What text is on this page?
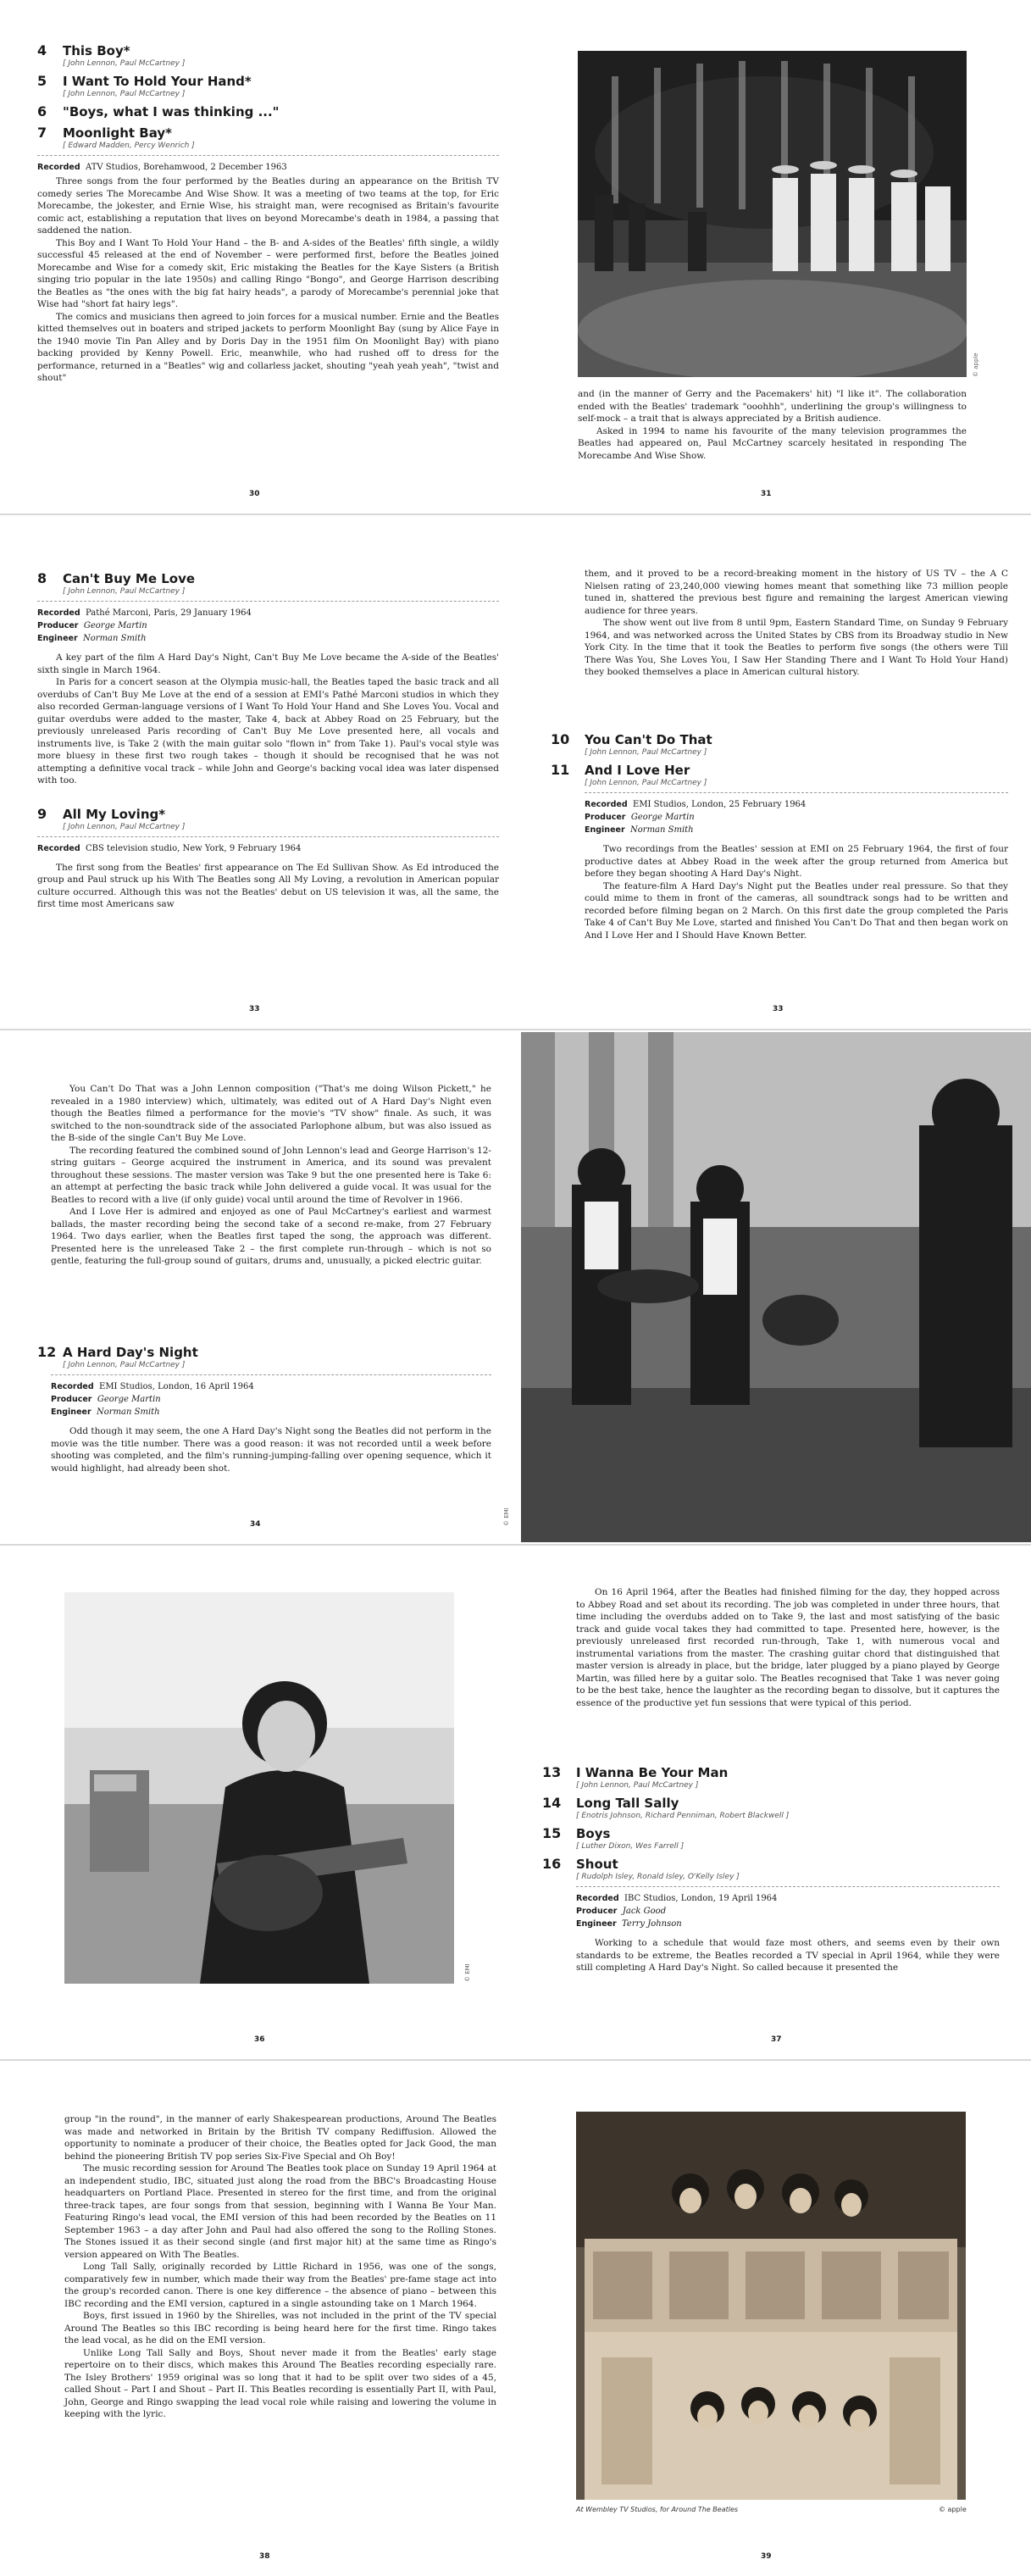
4	This Boy*
[ John Lennon, Paul McCartney ]
5	I Want To Hold Your Hand*
[ John Lennon, Paul McCartney ]
6	"Boys, what I was thinking ..."
7	Moonlight Bay*
[ Edward Madden, Percy Wenrich ]
Recorded ATV Studios, Borehamwood, 2 December 1963

Three songs from the four performed by the Beatles during an appearance on the British TV comedy series The Morecambe And Wise Show. It was a meeting of two teams at the top, for Eric Morecambe, the jokester, and Ernie Wise, his straight man, were recognised as Britain's favourite comic act, establishing a reputation that lives on beyond Morecambe's death in 1984, a passing that saddened the nation.

This Boy and I Want To Hold Your Hand – the B- and A-sides of the Beatles' fifth single, a wildly successful 45 released at the end of November – were performed first, before the Beatles joined Morecambe and Wise for a comedy skit, Eric mistaking the Beatles for the Kaye Sisters (a British singing trio popular in the late 1950s) and calling Ringo "Bongo", and George Harrison describing the Beatles as "the ones with the big fat hairy heads", a parody of Morecambe's perennial joke that Wise had "short fat hairy legs".

The comics and musicians then agreed to join forces for a musical number. Ernie and the Beatles kitted themselves out in boaters and striped jackets to perform Moonlight Bay (sung by Alice Faye in the 1940 movie Tin Pan Alley and by Doris Day in the 1951 film On Moonlight Bay) with piano backing provided by Kenny Powell. Eric, meanwhile, who had rushed off to dress for the performance, returned in a "Beatles" wig and collarless jacket, shouting "yeah yeah yeah", "twist and shout"

30
© apple

and (in the manner of Gerry and the Pacemakers' hit) "I like it". The collaboration ended with the Beatles' trademark "ooohhh", underlining the group's willingness to self-mock – a trait that is always appreciated by a British audience.

Asked in 1994 to name his favourite of the many television programmes the Beatles had appeared on, Paul McCartney scarcely hesitated in responding The Morecambe And Wise Show.

31
8	Can't Buy Me Love
[ John Lennon, Paul McCartney ]
Recorded Pathé Marconi, Paris, 29 January 1964
Producer George Martin
Engineer Norman Smith

A key part of the film A Hard Day's Night, Can't Buy Me Love became the A-side of the Beatles' sixth single in March 1964.

In Paris for a concert season at the Olympia music-hall, the Beatles taped the basic track and all overdubs of Can't Buy Me Love at the end of a session at EMI's Pathé Marconi studios in which they also recorded German-language versions of I Want To Hold Your Hand and She Loves You. Vocal and guitar overdubs were added to the master, Take 4, back at Abbey Road on 25 February, but the previously unreleased Paris recording of Can't Buy Me Love presented here, all vocals and instruments live, is Take 2 (with the main guitar solo "flown in" from Take 1). Paul's vocal style was more bluesy in these first two rough takes – though it should be recognised that he was not attempting a definitive vocal track – while John and George's backing vocal idea was later dispensed with too.

9	All My Loving*
[ John Lennon, Paul McCartney ]
Recorded CBS television studio, New York, 9 February 1964

The first song from the Beatles' first appearance on The Ed Sullivan Show. As Ed introduced the group and Paul struck up his With The Beatles song All My Loving, a revolution in American popular culture occurred. Although this was not the Beatles' debut on US television it was, all the same, the first time most Americans saw

33

them, and it proved to be a record-breaking moment in the history of US TV – the A C Nielsen rating of 23,240,000 viewing homes meant that something like 73 million people tuned in, shattered the previous best figure and remaining the largest American viewing audience for three years.

The show went out live from 8 until 9pm, Eastern Standard Time, on Sunday 9 February 1964, and was networked across the United States by CBS from its Broadway studio in New York City. In the time that it took the Beatles to perform five songs (the others were Till There Was You, She Loves You, I Saw Her Standing There and I Want To Hold Your Hand) they booked themselves a place in American cultural history.

10	You Can't Do That
[ John Lennon, Paul McCartney ]
11	And I Love Her
[ John Lennon, Paul McCartney ]
Recorded EMI Studios, London, 25 February 1964
Producer George Martin
Engineer Norman Smith

Two recordings from the Beatles' session at EMI on 25 February 1964, the first of four productive dates at Abbey Road in the week after the group returned from America but before they began shooting A Hard Day's Night.

The feature-film A Hard Day's Night put the Beatles under real pressure. So that they could mime to them in front of the cameras, all soundtrack songs had to be written and recorded before filming began on 2 March. On this first date the group completed the Paris Take 4 of Can't Buy Me Love, started and finished You Can't Do That and then began work on And I Love Her and I Should Have Known Better.

33

You Can't Do That was a John Lennon composition ("That's me doing Wilson Pickett," he revealed in a 1980 interview) which, ultimately, was edited out of A Hard Day's Night even though the Beatles filmed a performance for the movie's "TV show" finale. As such, it was switched to the non-soundtrack side of the associated Parlophone album, but was also issued as the B-side of the single Can't Buy Me Love.

The recording featured the combined sound of John Lennon's lead and George Harrison's 12-string guitars – George acquired the instrument in America, and its sound was prevalent throughout these sessions. The master version was Take 9 but the one presented here is Take 6: an attempt at perfecting the basic track while John delivered a guide vocal. It was usual for the Beatles to record with a live (if only guide) vocal until around the time of Revolver in 1966.

And I Love Her is admired and enjoyed as one of Paul McCartney's earliest and warmest ballads, the master recording being the second take of a second re-make, from 27 February 1964. Two days earlier, when the Beatles first taped the song, the approach was different. Presented here is the unreleased Take 2 – the first complete run-through – which is not so gentle, featuring the full-group sound of guitars, drums and, unusually, a picked electric guitar.

12 A Hard Day's Night
[ John Lennon, Paul McCartney ]
Recorded EMI Studios, London, 16 April 1964
Producer George Martin
Engineer Norman Smith

Odd though it may seem, the one A Hard Day's Night song the Beatles did not perform in the movie was the title number. There was a good reason: it was not recorded until a week before shooting was completed, and the film's running-jumping-falling over opening sequence, which it would highlight, had already been shot.

34	© EMI
© EMI
36

On 16 April 1964, after the Beatles had finished filming for the day, they hopped across to Abbey Road and set about its recording. The job was completed in under three hours, that time including the overdubs added on to Take 9, the last and most satisfying of the basic track and guide vocal takes they had committed to tape. Presented here, however, is the previously unreleased first recorded run-through, Take 1, with numerous vocal and instrumental variations from the master. The crashing guitar chord that distinguished that master version is already in place, but the bridge, later plugged by a piano played by George Martin, was filled here by a guitar solo. The Beatles recognised that Take 1 was never going to be the best take, hence the laughter as the recording began to dissolve, but it captures the essence of the productive yet fun sessions that were typical of this period.

13	I Wanna Be Your Man
[ John Lennon, Paul McCartney ]
14	Long Tall Sally
[ Enotris Johnson, Richard Penniman, Robert Blackwell ]
15	Boys
[ Luther Dixon, Wes Farrell ]
16	Shout
[ Rudolph Isley, Ronald Isley, O'Kelly Isley ]
Recorded IBC Studios, London, 19 April 1964
Producer Jack Good
Engineer Terry Johnson

Working to a schedule that would faze most others, and seems even by their own standards to be extreme, the Beatles recorded a TV special in April 1964, while they were still completing A Hard Day's Night. So called because it presented the

37

group "in the round", in the manner of early Shakespearean productions, Around The Beatles was made and networked in Britain by the British TV company Rediffusion. Allowed the opportunity to nominate a producer of their choice, the Beatles opted for Jack Good, the man behind the pioneering British TV pop series Six-Five Special and Oh Boy!

The music recording session for Around The Beatles took place on Sunday 19 April 1964 at an independent studio, IBC, situated just along the road from the BBC's Broadcasting House headquarters on Portland Place. Presented in stereo for the first time, and from the original three-track tapes, are four songs from that session, beginning with I Wanna Be Your Man. Featuring Ringo's lead vocal, the EMI version of this had been recorded by the Beatles on 11 September 1963 – a day after John and Paul had also offered the song to the Rolling Stones. The Stones issued it as their second single (and first major hit) at the same time as Ringo's version appeared on With The Beatles.

Long Tall Sally, originally recorded by Little Richard in 1956, was one of the songs, comparatively few in number, which made their way from the Beatles' pre-fame stage act into the group's recorded canon. There is one key difference – the absence of piano – between this IBC recording and the EMI version, captured in a single astounding take on 1 March 1964.

Boys, first issued in 1960 by the Shirelles, was not included in the print of the TV special Around The Beatles so this IBC recording is being heard here for the first time. Ringo takes the lead vocal, as he did on the EMI version.

Unlike Long Tall Sally and Boys, Shout never made it from the Beatles' early stage repertoire on to their discs, which makes this Around The Beatles recording especially rare. The Isley Brothers' 1959 original was so long that it had to be split over two sides of a 45, called Shout – Part I and Shout – Part II. This Beatles recording is essentially Part II, with Paul, John, George and Ringo swapping the lead vocal role while raising and lowering the volume in keeping with the lyric.

38
At Wembley TV Studios, for Around The Beatles	© apple
39
